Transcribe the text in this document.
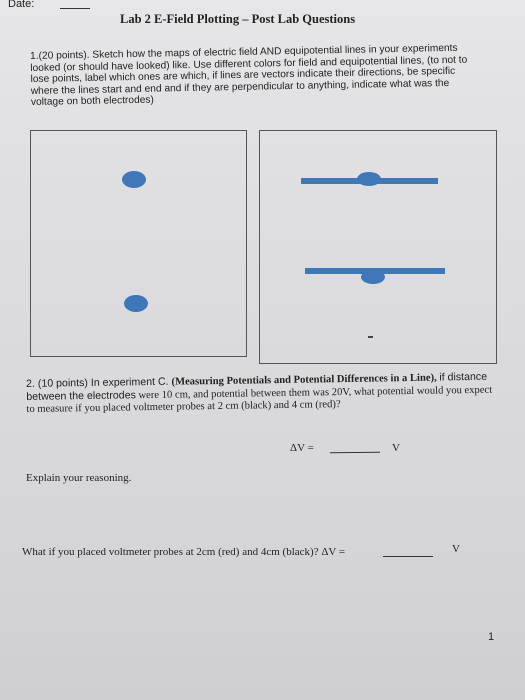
Date:
Lab 2 E-Field Plotting – Post Lab Questions
1.(20 points). Sketch how the maps of electric field AND equipotential lines in your experiments looked (or should have looked) like. Use different colors for field and equipotential lines, (to not to lose points, label which ones are which, if lines are vectors indicate their directions, be specific where the lines start and end and if they are perpendicular to anything, indicate what was the voltage on both electrodes)
2. (10 points) In experiment C. (Measuring Potentials and Potential Differences in a Line), if distance between the electrodes were 10 cm, and potential between them was 20V, what potential would you expect to measure if you placed voltmeter probes at 2 cm (black) and 4 cm (red)?
ΔV =	V
Explain your reasoning.
What if you placed voltmeter probes at 2cm (red) and 4cm (black)? ΔV =	V
1
